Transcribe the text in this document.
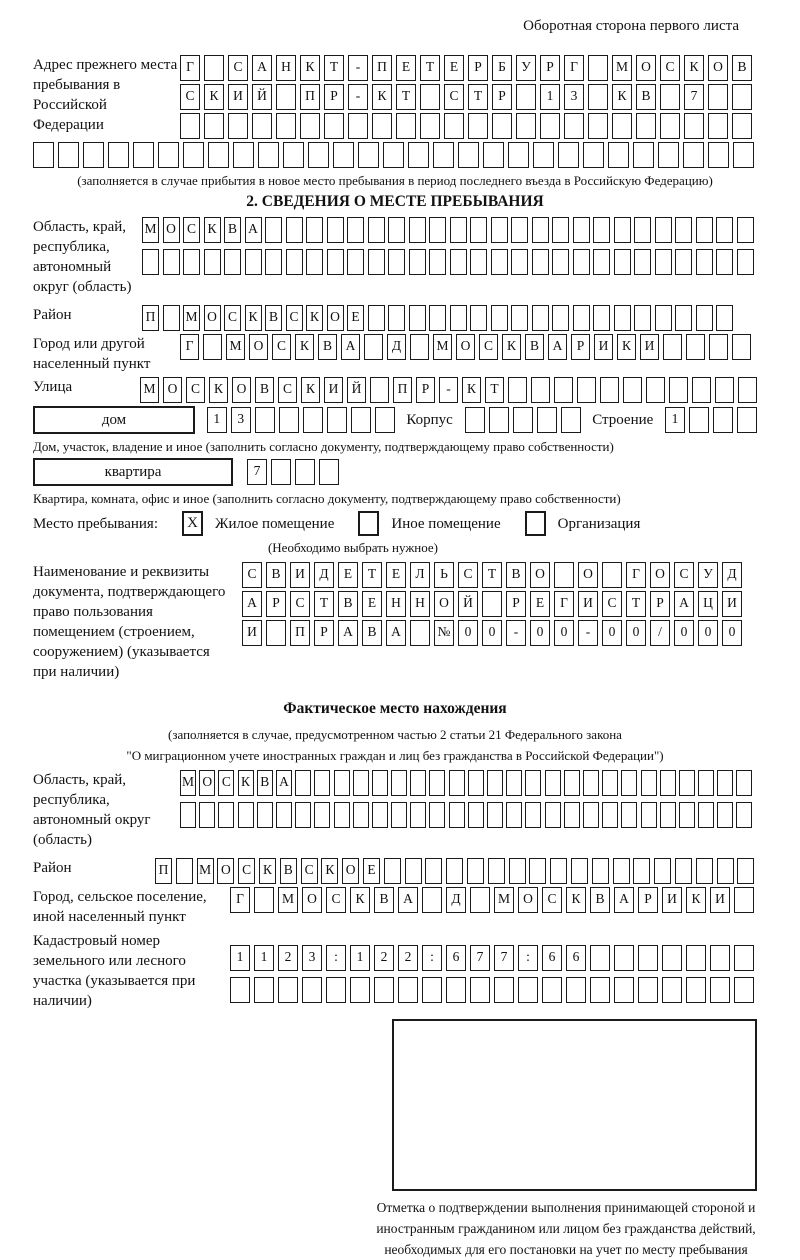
Оборотная сторона первого листа
Адрес прежнего места пребывания в Российской Федерации
Г	С	А	Н	К	Т	-	П	Е	Т	Е	Р	Б	У	Р	Г	М О	С	К	О	В
С	К	И	Й	П	Р	-	К	Т	С	Т	Р	1	3	К	В	7
(заполняется в случае прибытия в новое место пребывания в период последнего въезда в Российскую Федерацию)
2. СВЕДЕНИЯ О МЕСТЕ ПРЕБЫВАНИЯ
Область, край, республика, автономный округ (область)
М О С К В А
Район	П М О С К В С К О Е
Город или другой населенный пункт
Г	М О	С	К	В	А	Д	М О	С	К	В	А	Р	И	К	И
Улица	М О	С	К	О	В	С	К	И Й	П	Р	-	К	Т
дом	1	3	Корпус	Строение	1
Дом, участок, владение и иное (заполнить согласно документу, подтверждающему право собственности)
квартира	7
Квартира, комната, офис и иное (заполнить согласно документу, подтверждающему право собственности)
Место пребывания:	X	Жилое помещение	Иное помещение	Организация
(Необходимо выбрать нужное)
Наименование и реквизиты документа, подтверждающего право пользования помещением (строением, сооружением) (указывается при наличии)
С	В	И	Д	Е	Т	Е	Л	Ь	С	Т	В	О	О	Г	О	С	У	Д
А	Р	С	Т	В	Е	Н	Н	О	Й	Р	Е	Г	И	С	Т	Р	А	Ц	И
И	П	Р	А	В	А	№	0	0	-	0	0	-	0	0	/	0	0	0
Фактическое место нахождения
(заполняется в случае, предусмотренном частью 2 статьи 21 Федерального закона
"О миграционном учете иностранных граждан и лиц без гражданства в Российской Федерации")
Область, край, республика, автономный округ (область)
М О С К В А
Район	П М О С К В С К О Е
Город, сельское поселение, иной населенный пункт
Г	М О	С	К	В	А	Д	М О	С	К	В	А	Р	И	К	И
Кадастровый номер земельного или лесного участка (указывается при наличии)
1	1	2	3	:	1	2	2	:	6	7	7	:	6	6
Отметка о подтверждении выполнения принимающей стороной и иностранным гражданином или лицом без гражданства действий, необходимых для его постановки на учет по месту пребывания
